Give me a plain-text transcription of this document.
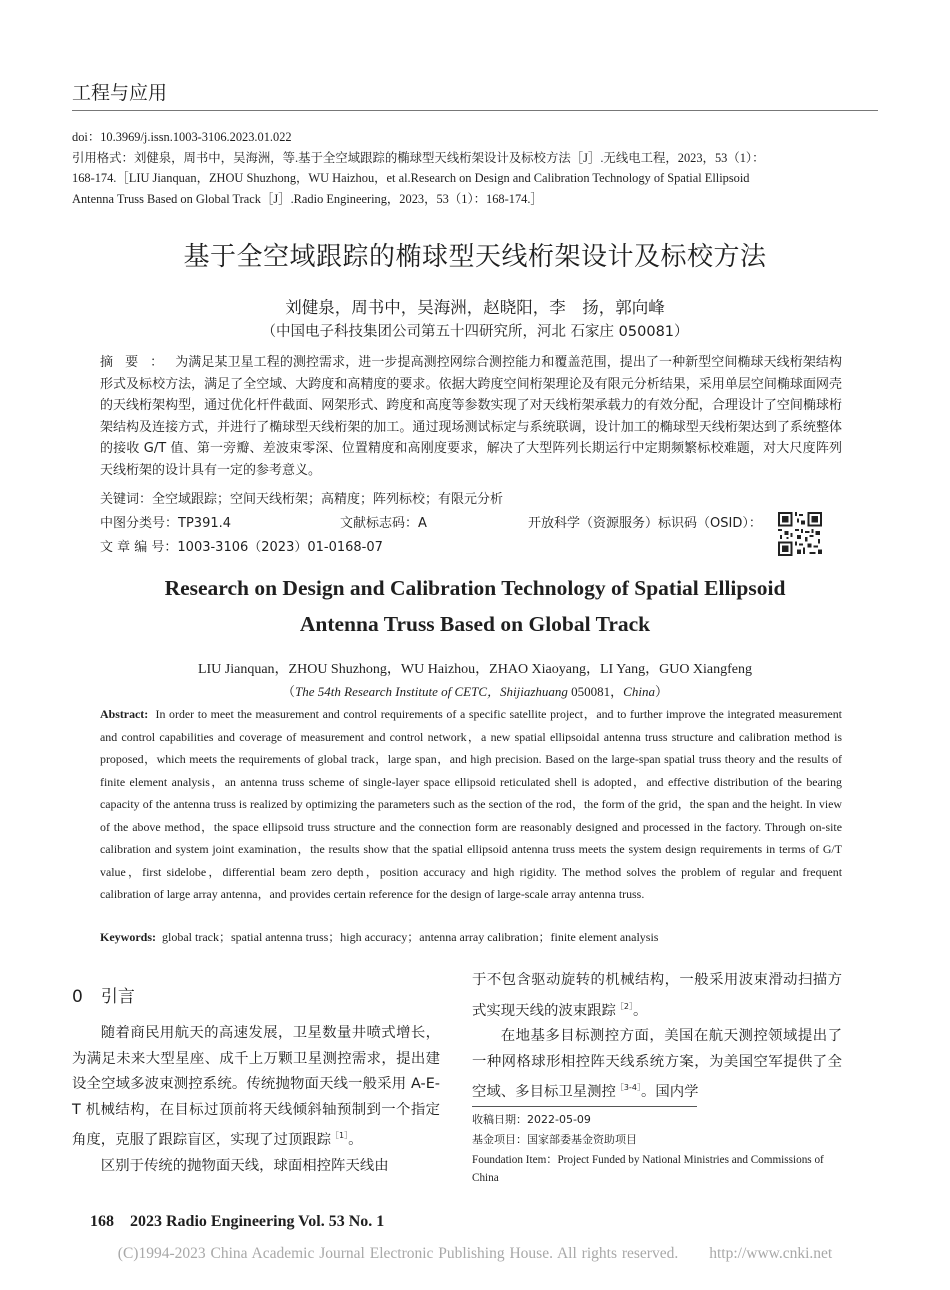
工程与应用
doi：10.3969/j.issn.1003-3106.2023.01.022
引用格式：刘健泉，周书中，吴海洲，等.基于全空域跟踪的椭球型天线桁架设计及标校方法［J］.无线电工程，2023，53（1）：
168-174.［LIU Jianquan，ZHOU Shuzhong，WU Haizhou，et al.Research on Design and Calibration Technology of Spatial Ellipsoid
Antenna Truss Based on Global Track［J］.Radio Engineering，2023，53（1）：168-174.］
基于全空域跟踪的椭球型天线桁架设计及标校方法
刘健泉，周书中，吴海洲，赵晓阳，李　扬，郭向峰
（中国电子科技集团公司第五十四研究所，河北 石家庄 050081）
摘要：为满足某卫星工程的测控需求，进一步提高测控网综合测控能力和覆盖范围，提出了一种新型空间椭球天线桁架结构形式及标校方法，满足了全空域、大跨度和高精度的要求。依据大跨度空间桁架理论及有限元分析结果，采用单层空间椭球面网壳的天线桁架构型，通过优化杆件截面、网架形式、跨度和高度等参数实现了对天线桁架承载力的有效分配，合理设计了空间椭球桁架结构及连接方式，并进行了椭球型天线桁架的加工。通过现场测试标定与系统联调，设计加工的椭球型天线桁架达到了系统整体的接收 G/T 值、第一旁瓣、差波束零深、位置精度和高刚度要求，解决了大型阵列长期运行中定期频繁标校难题，对大尺度阵列天线桁架的设计具有一定的参考意义。
关键词：全空域跟踪；空间天线桁架；高精度；阵列标校；有限元分析
中图分类号：TP391.4	文献标志码：A	开放科学（资源服务）标识码（OSID）：
文 章 编 号：1003-3106（2023）01-0168-07
Research on Design and Calibration Technology of Spatial Ellipsoid
Antenna Truss Based on Global Track
LIU Jianquan，ZHOU Shuzhong，WU Haizhou，ZHAO Xiaoyang，LI Yang，GUO Xiangfeng
（The 54th Research Institute of CETC，Shijiazhuang 050081，China）
Abstract: In order to meet the measurement and control requirements of a specific satellite project，and to further improve the integrated measurement and control capabilities and coverage of measurement and control network，a new spatial ellipsoidal antenna truss structure and calibration method is proposed，which meets the requirements of global track，large span，and high precision. Based on the large-span spatial truss theory and the results of finite element analysis，an antenna truss scheme of single-layer space ellipsoid reticulated shell is adopted，and effective distribution of the bearing capacity of the antenna truss is realized by optimizing the parameters such as the section of the rod，the form of the grid，the span and the height. In view of the above method，the space ellipsoid truss structure and the connection form are reasonably designed and processed in the factory. Through on-site calibration and system joint examination，the results show that the spatial ellipsoid antenna truss meets the system design requirements in terms of G/T value，first sidelobe，differential beam zero depth，position accuracy and high rigidity. The method solves the problem of regular and frequent calibration of large array antenna，and provides certain reference for the design of large-scale array antenna truss.
Keywords: global track；spatial antenna truss；high accuracy；antenna array calibration；finite element analysis
0 引言

随着商民用航天的高速发展，卫星数量井喷式增长，为满足未来大型星座、成千上万颗卫星测控需求，提出建设全空域多波束测控系统。传统抛物面天线一般采用 A-E-T 机械结构，在目标过顶前将天线倾斜轴预制到一个指定角度，克服了跟踪盲区，实现了过顶跟踪$^{[1]}$。

区别于传统的抛物面天线，球面相控阵天线由

于不包含驱动旋转的机械结构，一般采用波束滑动扫描方式实现天线的波束跟踪$^{[2]}$。

在地基多目标测控方面，美国在航天测控领域提出了一种网格球形相控阵天线系统方案，为美国空军提供了全空域、多目标卫星测控$^{[3-4]}$。国内学

收稿日期：2022-05-09
基金项目：国家部委基金资助项目
Foundation Item：Project Funded by National Ministries and Commissions of China
168　2023 Radio Engineering Vol. 53 No. 1
(C)1994-2023 China Academic Journal Electronic Publishing House. All rights reserved.　　http://www.cnki.net
